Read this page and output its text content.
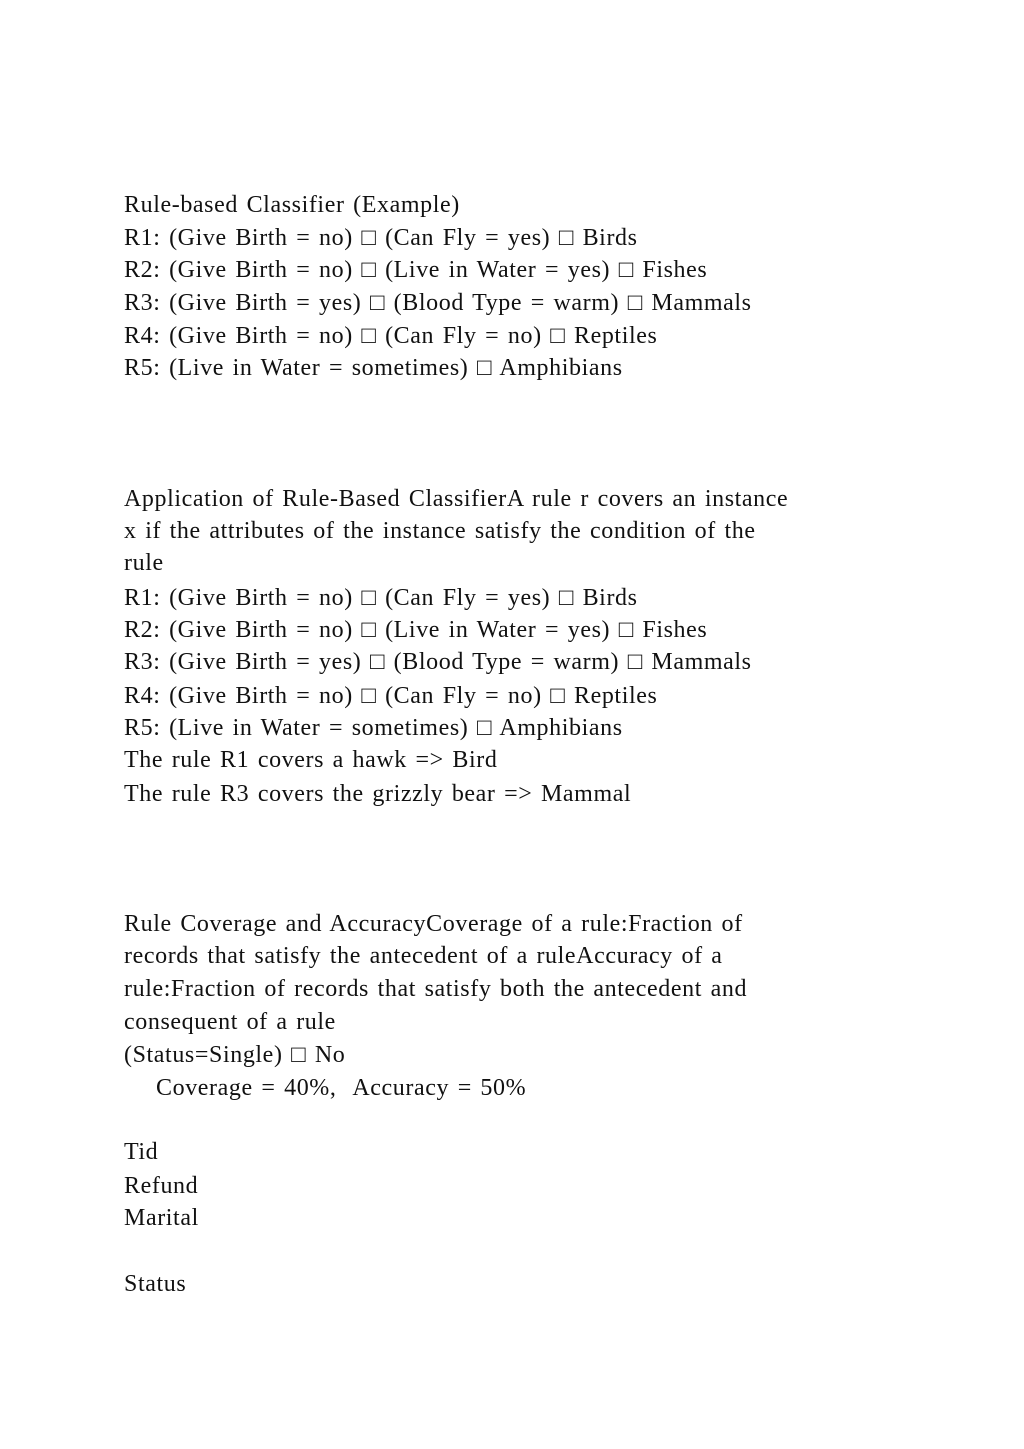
Rule-based Classifier (Example)
R1: (Give Birth = no) □ (Can Fly = yes) □ Birds
R2: (Give Birth = no) □ (Live in Water = yes) □ Fishes
R3: (Give Birth = yes) □ (Blood Type = warm) □ Mammals
R4: (Give Birth = no) □ (Can Fly = no) □ Reptiles
R5: (Live in Water = sometimes) □ Amphibians
Application of Rule-Based ClassifierA rule r covers an instance
x if the attributes of the instance satisfy the condition of the
rule
R1: (Give Birth = no) □ (Can Fly = yes) □ Birds
R2: (Give Birth = no) □ (Live in Water = yes) □ Fishes
R3: (Give Birth = yes) □ (Blood Type = warm) □ Mammals
R4: (Give Birth = no) □ (Can Fly = no) □ Reptiles
R5: (Live in Water = sometimes) □ Amphibians
The rule R1 covers a hawk => Bird
The rule R3 covers the grizzly bear => Mammal
Rule Coverage and AccuracyCoverage of a rule:Fraction of
records that satisfy the antecedent of a ruleAccuracy of a
rule:Fraction of records that satisfy both the antecedent and
consequent of a rule
(Status=Single) □ No
Coverage = 40%,  Accuracy = 50%
Tid
Refund
Marital
Status
